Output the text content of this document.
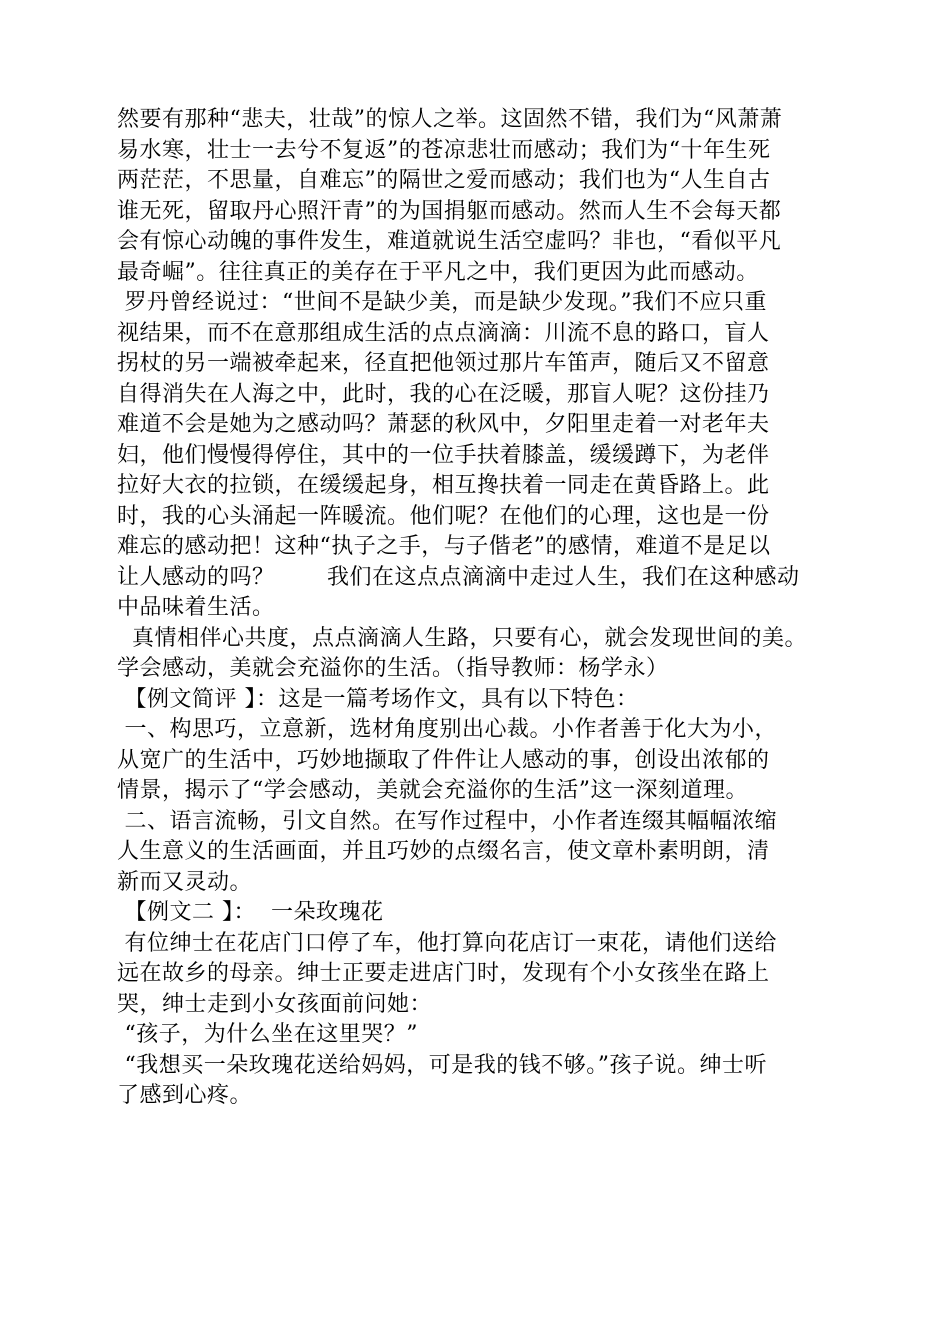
然要有那种“悲夫，壮哉”的惊人之举。这固然不错，我们为“风萧萧
易水寒，壮士一去兮不复返”的苍凉悲壮而感动；我们为“十年生死
两茫茫，不思量，自难忘”的隔世之爱而感动；我们也为“人生自古
谁无死，留取丹心照汗青”的为国捐躯而感动。然而人生不会每天都
会有惊心动魄的事件发生，难道就说生活空虚吗？非也，“看似平凡
最奇崛”。往往真正的美存在于平凡之中，我们更因为此而感动。
罗丹曾经说过：“世间不是缺少美，而是缺少发现。”我们不应只重
视结果，而不在意那组成生活的点点滴滴：川流不息的路口，盲人
拐杖的另一端被牵起来，径直把他领过那片车笛声，随后又不留意
自得消失在人海之中，此时，我的心在泛暖，那盲人呢？这份挂乃
难道不会是她为之感动吗？萧瑟的秋风中，夕阳里走着一对老年夫
妇，他们慢慢得停住，其中的一位手扶着膝盖，缓缓蹲下，为老伴
拉好大衣的拉锁，在缓缓起身，相互搀扶着一同走在黄昏路上。此
时，我的心头涌起一阵暖流。他们呢？在他们的心理，这也是一份
难忘的感动把！这种“执子之手，与子偕老”的感情，难道不是足以
让人感动的吗？       我们在这点点滴滴中走过人生，我们在这种感动
中品味着生活。
真情相伴心共度，点点滴滴人生路，只要有心，就会发现世间的美。
学会感动，美就会充溢你的生活。（指导教师：杨学永）
【例文简评 】：这是一篇考场作文，具有以下特色：
一、构思巧，立意新，选材角度别出心裁。小作者善于化大为小，
从宽广的生活中，巧妙地撷取了件件让人感动的事，创设出浓郁的
情景，揭示了“学会感动，美就会充溢你的生活”这一深刻道理。
二、语言流畅，引文自然。在写作过程中，小作者连缀其幅幅浓缩
人生意义的生活画面，并且巧妙的点缀名言，使文章朴素明朗，清
新而又灵动。
【例文二 】：  一朵玫瑰花
有位绅士在花店门口停了车，他打算向花店订一束花，请他们送给
远在故乡的母亲。绅士正要走进店门时，发现有个小女孩坐在路上
哭，绅士走到小女孩面前问她：
“孩子，为什么坐在这里哭？”
“我想买一朵玫瑰花送给妈妈，可是我的钱不够。”孩子说。绅士听
了感到心疼。
